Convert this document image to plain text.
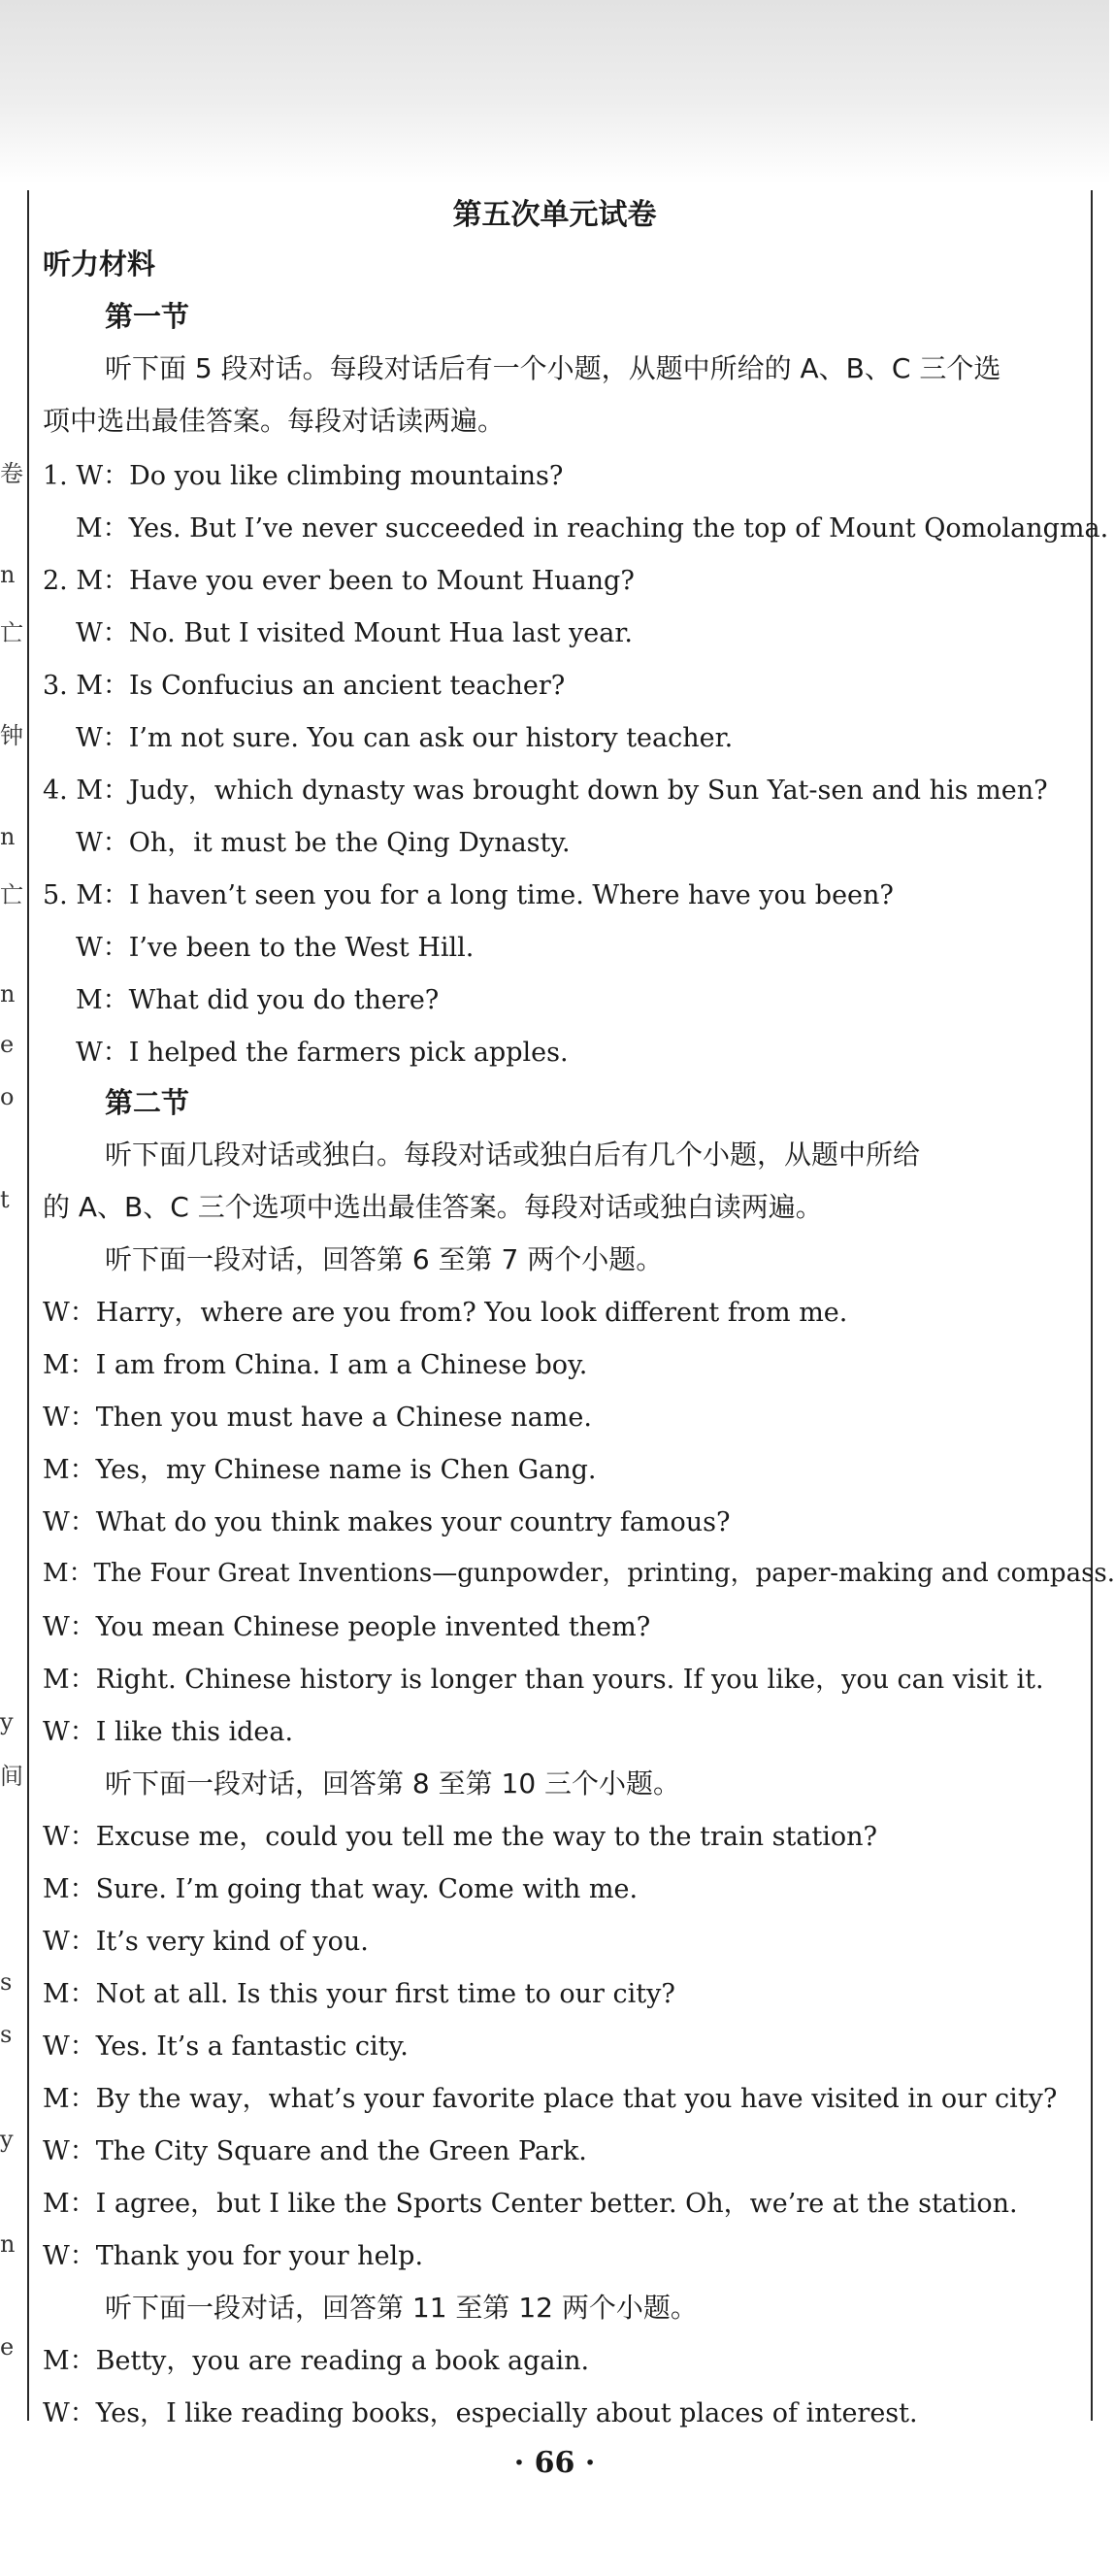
卷
n
亡
钟
n
亡
n
e
o
t
y
间
s
s
y
n
e
第五次单元试卷
听力材料
第一节
听下面 5 段对话。每段对话后有一个小题，从题中所给的 A、B、C 三个选
项中选出最佳答案。每段对话读两遍。
1. W：Do you like climbing mountains?
M：Yes. But I’ve never succeeded in reaching the top of Mount Qomolangma.
2. M：Have you ever been to Mount Huang?
W：No. But I visited Mount Hua last year.
3. M：Is Confucius an ancient teacher?
W：I’m not sure. You can ask our history teacher.
4. M：Judy，which dynasty was brought down by Sun Yat-sen and his men?
W：Oh，it must be the Qing Dynasty.
5. M：I haven’t seen you for a long time. Where have you been?
W：I’ve been to the West Hill.
M：What did you do there?
W：I helped the farmers pick apples.
第二节
听下面几段对话或独白。每段对话或独白后有几个小题，从题中所给
的 A、B、C 三个选项中选出最佳答案。每段对话或独白读两遍。
听下面一段对话，回答第 6 至第 7 两个小题。
W：Harry，where are you from? You look different from me.
M：I am from China. I am a Chinese boy.
W：Then you must have a Chinese name.
M：Yes，my Chinese name is Chen Gang.
W：What do you think makes your country famous?
M：The Four Great Inventions—gunpowder，printing，paper-making and compass.
W：You mean Chinese people invented them?
M：Right. Chinese history is longer than yours. If you like，you can visit it.
W：I like this idea.
听下面一段对话，回答第 8 至第 10 三个小题。
W：Excuse me，could you tell me the way to the train station?
M：Sure. I’m going that way. Come with me.
W：It’s very kind of you.
M：Not at all. Is this your first time to our city?
W：Yes. It’s a fantastic city.
M：By the way，what’s your favorite place that you have visited in our city?
W：The City Square and the Green Park.
M：I agree，but I like the Sports Center better. Oh，we’re at the station.
W：Thank you for your help.
听下面一段对话，回答第 11 至第 12 两个小题。
M：Betty，you are reading a book again.
W：Yes，I like reading books，especially about places of interest.
· 66 ·
